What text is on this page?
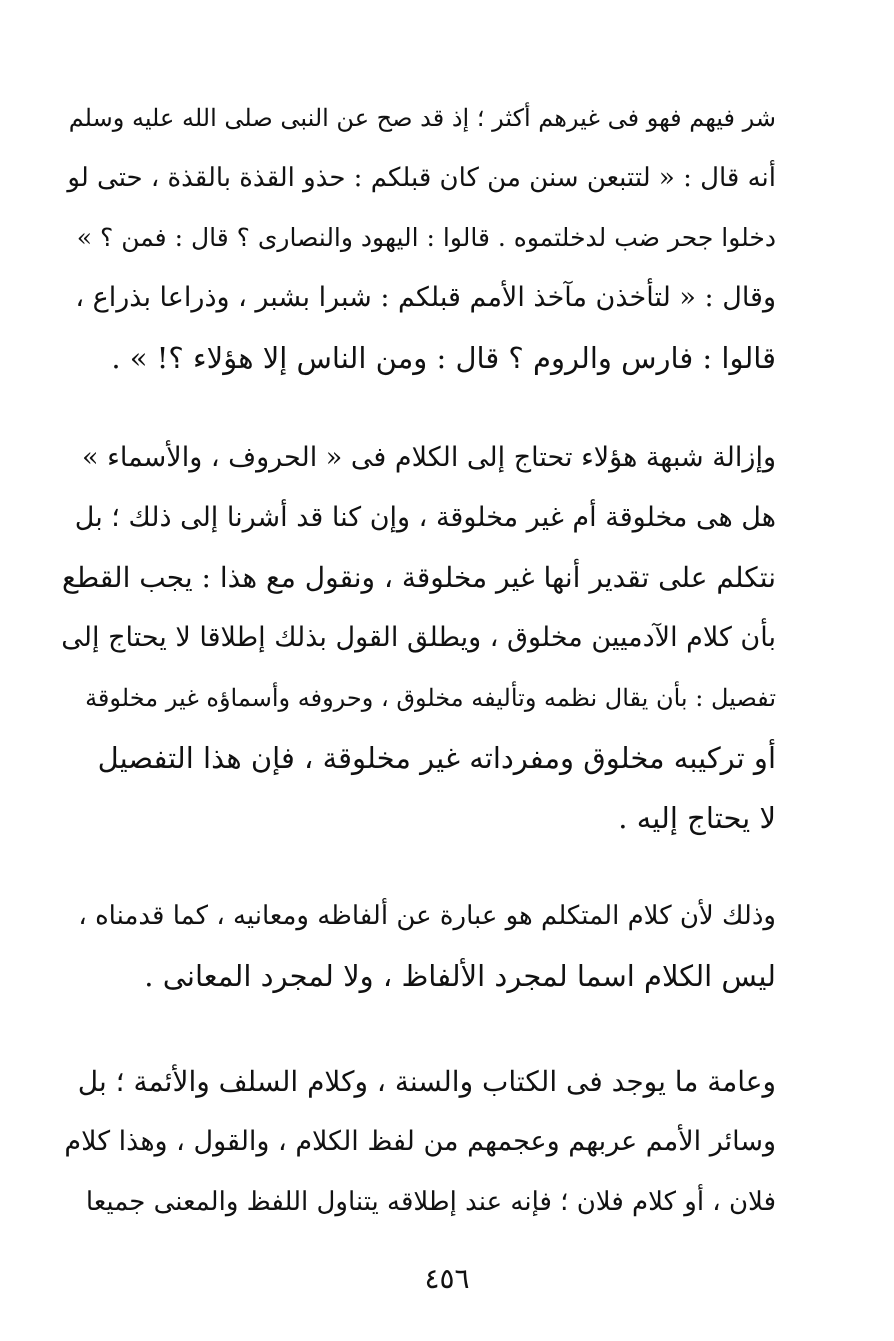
شر فيهم فهو فى غيرهم أكثر ؛ إذ قد صح عن النبى صلى الله عليه وسلم
أنه قال : « لتتبعن سنن من كان قبلكم : حذو القذة بالقذة ، حتى لو
دخلوا جحر ضب لدخلتموه . قالوا : اليهود والنصارى ؟ قال : فمن ؟ »
وقال : « لتأخذن مآخذ الأمم قبلكم : شبرا بشبر ، وذراعا بذراع ،
قالوا : فارس والروم ؟ قال : ومن الناس إلا هؤلاء ؟! » .
وإزالة شبهة هؤلاء تحتاج إلى الكلام فى « الحروف ، والأسماء »
هل هى مخلوقة أم غير مخلوقة ، وإن كنا قد أشرنا إلى ذلك ؛ بل
نتكلم على تقدير أنها غير مخلوقة ، ونقول مع هذا : يجب القطع
بأن كلام الآدميين مخلوق ، ويطلق القول بذلك إطلاقا لا يحتاج إلى
تفصيل : بأن يقال نظمه وتأليفه مخلوق ، وحروفه وأسماؤه غير مخلوقة
أو تركيبه مخلوق ومفرداته غير مخلوقة ، فإن هذا التفصيل
لا يحتاج إليه .
وذلك لأن كلام المتكلم هو عبارة عن ألفاظه ومعانيه ، كما قدمناه ،
ليس الكلام اسما لمجرد الألفاظ ، ولا لمجرد المعانى .
وعامة ما يوجد فى الكتاب والسنة ، وكلام السلف والأئمة ؛ بل
وسائر الأمم عربهم وعجمهم من لفظ الكلام ، والقول ، وهذا كلام
فلان ، أو كلام فلان ؛ فإنه عند إطلاقه يتناول اللفظ والمعنى جميعا
٤٥٦
